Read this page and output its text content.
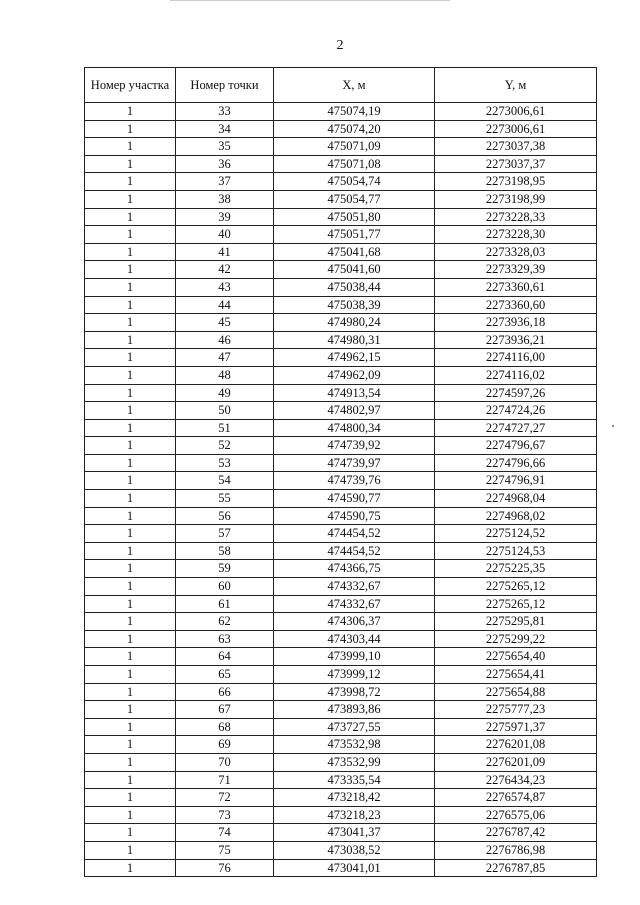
2
Номер участка	Номер точки	X, м	Y, м
1	33	475074,19	2273006,61
1	34	475074,20	2273006,61
1	35	475071,09	2273037,38
1	36	475071,08	2273037,37
1	37	475054,74	2273198,95
1	38	475054,77	2273198,99
1	39	475051,80	2273228,33
1	40	475051,77	2273228,30
1	41	475041,68	2273328,03
1	42	475041,60	2273329,39
1	43	475038,44	2273360,61
1	44	475038,39	2273360,60
1	45	474980,24	2273936,18
1	46	474980,31	2273936,21
1	47	474962,15	2274116,00
1	48	474962,09	2274116,02
1	49	474913,54	2274597,26
1	50	474802,97	2274724,26
1	51	474800,34	2274727,27
1	52	474739,92	2274796,67
1	53	474739,97	2274796,66
1	54	474739,76	2274796,91
1	55	474590,77	2274968,04
1	56	474590,75	2274968,02
1	57	474454,52	2275124,52
1	58	474454,52	2275124,53
1	59	474366,75	2275225,35
1	60	474332,67	2275265,12
1	61	474332,67	2275265,12
1	62	474306,37	2275295,81
1	63	474303,44	2275299,22
1	64	473999,10	2275654,40
1	65	473999,12	2275654,41
1	66	473998,72	2275654,88
1	67	473893,86	2275777,23
1	68	473727,55	2275971,37
1	69	473532,98	2276201,08
1	70	473532,99	2276201,09
1	71	473335,54	2276434,23
1	72	473218,42	2276574,87
1	73	473218,23	2276575,06
1	74	473041,37	2276787,42
1	75	473038,52	2276786,98
1	76	473041,01	2276787,85
